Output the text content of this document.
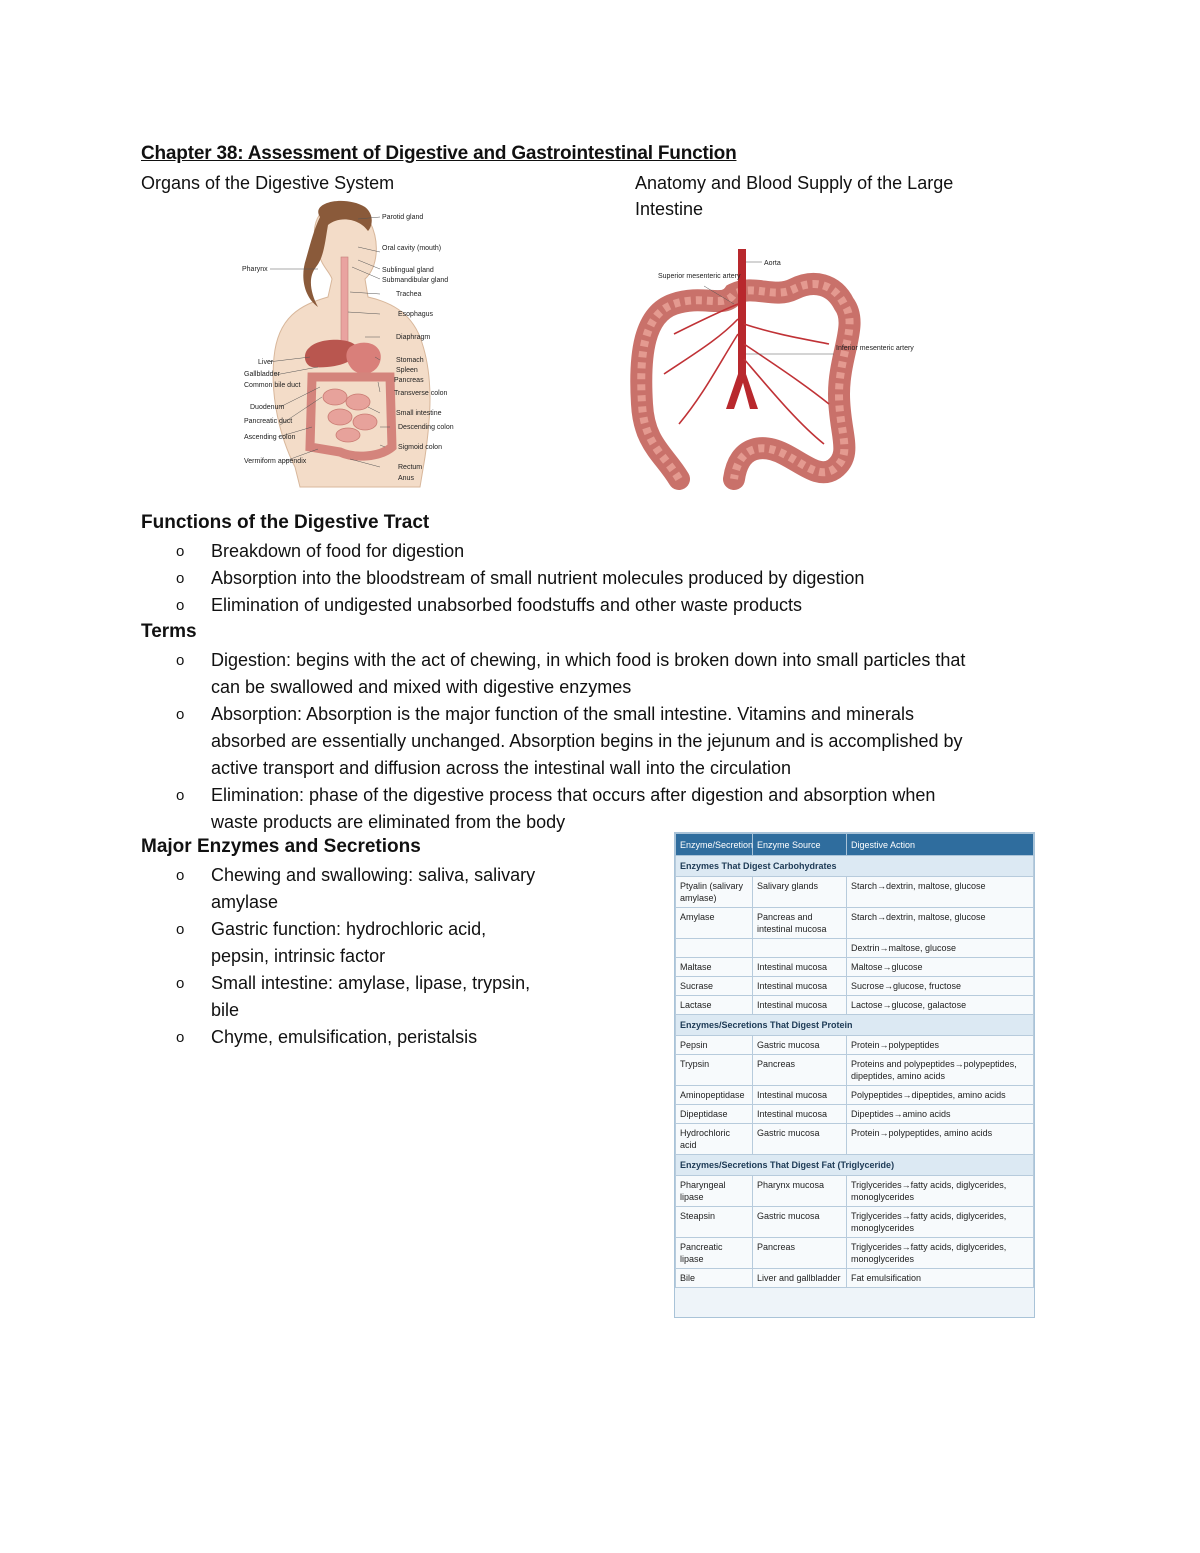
Chapter 38: Assessment of Digestive and Gastrointestinal Function
Organs of the Digestive System	Anatomy and Blood Supply of the Large
Intestine
Parotid gland
Oral cavity (mouth)
Sublingual gland
Submandibular gland
Trachea
Esophagus
Diaphragm
Stomach
Spleen
Pancreas
Transverse colon
Small intestine
Descending colon
Sigmoid colon
Rectum
Anus
Pharynx
Liver
Gallbladder
Common bile duct
Duodenum
Pancreatic duct
Ascending colon
Vermiform appendix
Aorta
Superior mesenteric artery
Inferior mesenteric artery
Functions of the Digestive Tract
o Breakdown of food for digestion
o Absorption into the bloodstream of small nutrient molecules produced by digestion
o Elimination of undigested unabsorbed foodstuffs and other waste products
Terms
o Digestion: begins with the act of chewing, in which food is broken down into small particles that
can be swallowed and mixed with digestive enzymes
o Absorption: Absorption is the major function of the small intestine. Vitamins and minerals
absorbed are essentially unchanged. Absorption begins in the jejunum and is accomplished by
active transport and diffusion across the intestinal wall into the circulation
o Elimination: phase of the digestive process that occurs after digestion and absorption when
waste products are eliminated from the body
Major Enzymes and Secretions
o Chewing and swallowing: saliva, salivary
amylase
o Gastric function: hydrochloric acid,
pepsin, intrinsic factor
o Small intestine: amylase, lipase, trypsin,
bile
o Chyme, emulsification, peristalsis
Enzyme/Secretion	Enzyme Source	Digestive Action
Enzymes That Digest Carbohydrates		
Ptyalin (salivary amylase)	Salivary glands	Starch→dextrin, maltose, glucose
Amylase	Pancreas and intestinal mucosa	Starch→dextrin, maltose, glucose
		Dextrin→maltose, glucose
Maltase	Intestinal mucosa	Maltose→glucose
Sucrase	Intestinal mucosa	Sucrose→glucose, fructose
Lactase	Intestinal mucosa	Lactose→glucose, galactose
Enzymes/Secretions That Digest Protein		
Pepsin	Gastric mucosa	Protein→polypeptides
Trypsin	Pancreas	Proteins and polypeptides→polypeptides, dipeptides, amino acids
Aminopeptidase	Intestinal mucosa	Polypeptides→dipeptides, amino acids
Dipeptidase	Intestinal mucosa	Dipeptides→amino acids
Hydrochloric acid	Gastric mucosa	Protein→polypeptides, amino acids
Enzymes/Secretions That Digest Fat (Triglyceride)		
Pharyngeal lipase	Pharynx mucosa	Triglycerides→fatty acids, diglycerides, monoglycerides
Steapsin	Gastric mucosa	Triglycerides→fatty acids, diglycerides, monoglycerides
Pancreatic lipase	Pancreas	Triglycerides→fatty acids, diglycerides, monoglycerides
Bile	Liver and gallbladder	Fat emulsification
